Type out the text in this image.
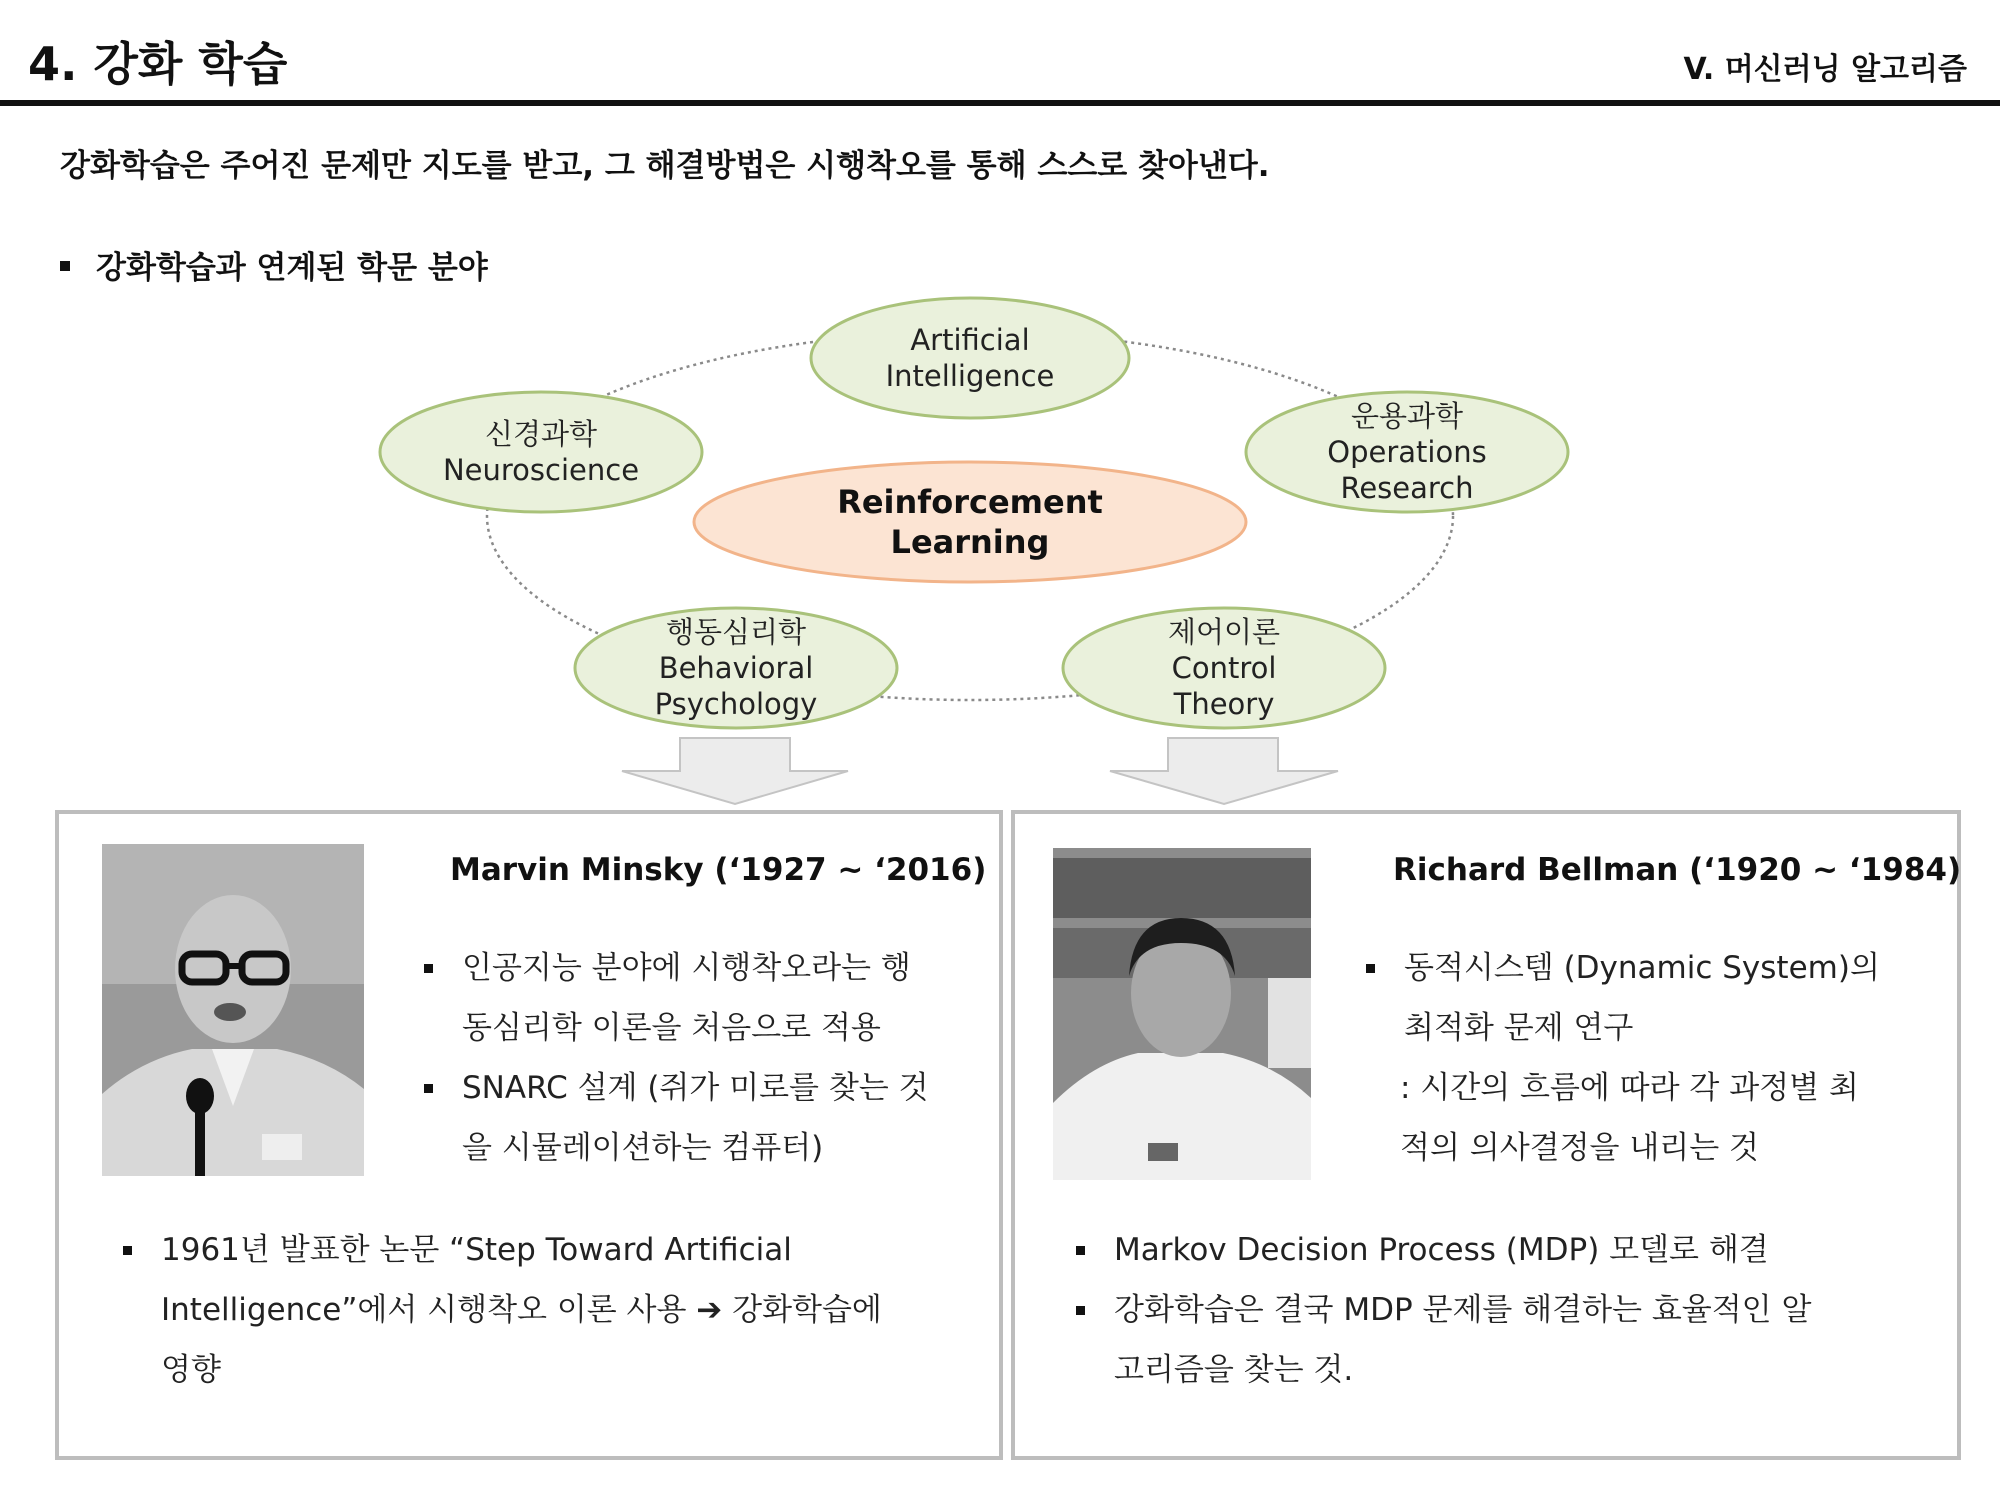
4. 강화 학습	V. 머신러닝 알고리즘
강화학습은 주어진 문제만 지도를 받고, 그 해결방법은 시행착오를 통해 스스로 찾아낸다.
강화학습과 연계된 학문 분야
Artificial
Intelligence
신경과학
Neuroscience
운용과학
Operations
Research
행동심리학
Behavioral
Psychology
제어이론
Control
Theory
Reinforcement
Learning
Marvin Minsky (‘1927 ~ ‘2016)
인공지능 분야에 시행착오라는 행
동심리학 이론을 처음으로 적용
SNARC 설계 (쥐가 미로를 찾는 것
을 시뮬레이션하는 컴퓨터)
1961년 발표한 논문 “Step Toward Artificial
Intelligence”에서 시행착오 이론 사용 ➔ 강화학습에
영향
Richard Bellman (‘1920 ~ ‘1984)
동적시스템 (Dynamic System)의
최적화 문제 연구
: 시간의 흐름에 따라 각 과정별 최
적의 의사결정을 내리는 것
Markov Decision Process (MDP) 모델로 해결
강화학습은 결국 MDP 문제를 해결하는 효율적인 알
고리즘을 찾는 것.
